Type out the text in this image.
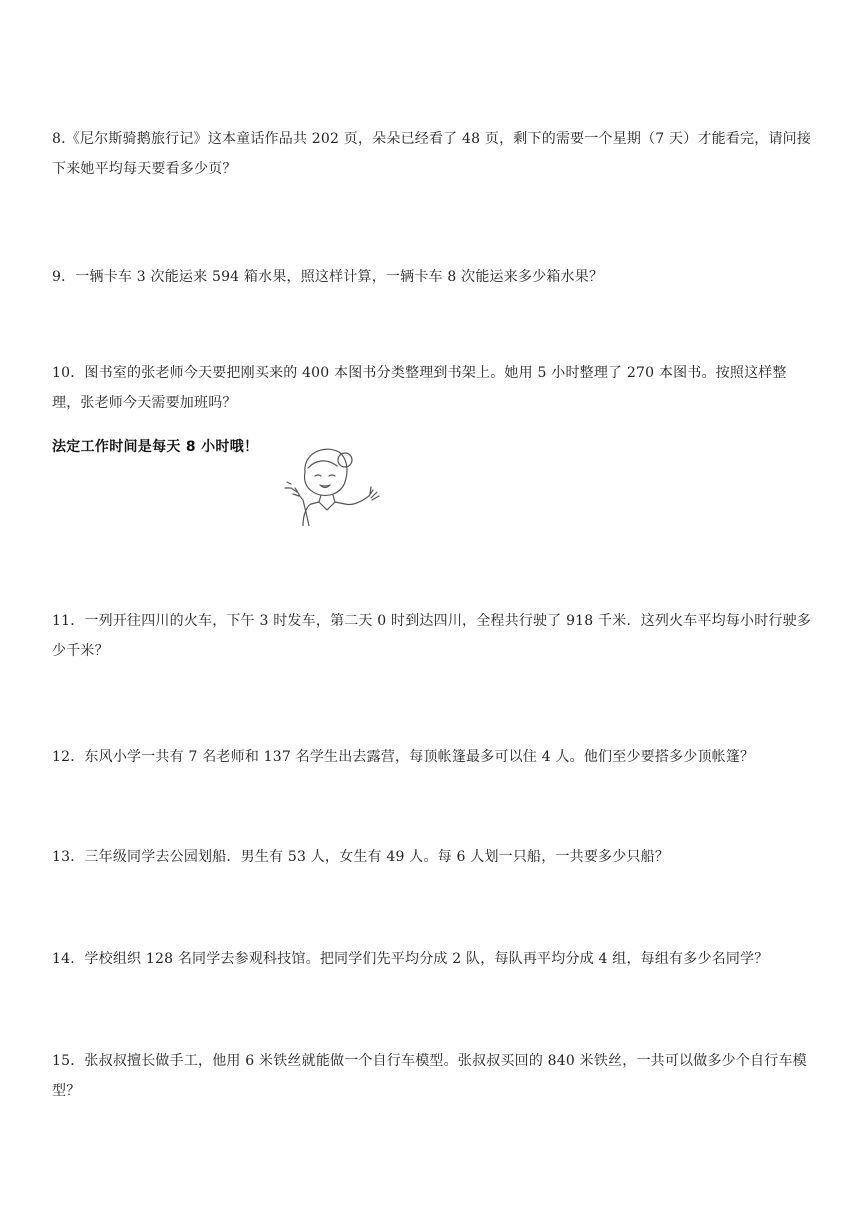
8.《尼尔斯骑鹅旅行记》这本童话作品共 202 页，朵朵已经看了 48 页，剩下的需要一个星期（7 天）才能看完，请问接下来她平均每天要看多少页？
9．一辆卡车 3 次能运来 594 箱水果，照这样计算，一辆卡车 8 次能运来多少箱水果？
10．图书室的张老师今天要把刚买来的 400 本图书分类整理到书架上。她用 5 小时整理了 270 本图书。按照这样整理，张老师今天需要加班吗？
法定工作时间是每天 8 小时哦！
11．一列开往四川的火车，下午 3 时发车，第二天 0 时到达四川，全程共行驶了 918 千米．这列火车平均每小时行驶多少千米？
12．东风小学一共有 7 名老师和 137 名学生出去露营，每顶帐篷最多可以住 4 人。他们至少要搭多少顶帐篷？
13．三年级同学去公园划船．男生有 53 人，女生有 49 人。每 6 人划一只船，一共要多少只船？
14．学校组织 128 名同学去参观科技馆。把同学们先平均分成 2 队，每队再平均分成 4 组，每组有多少名同学？
15．张叔叔擅长做手工，他用 6 米铁丝就能做一个自行车模型。张叔叔买回的 840 米铁丝，一共可以做多少个自行车模型？
